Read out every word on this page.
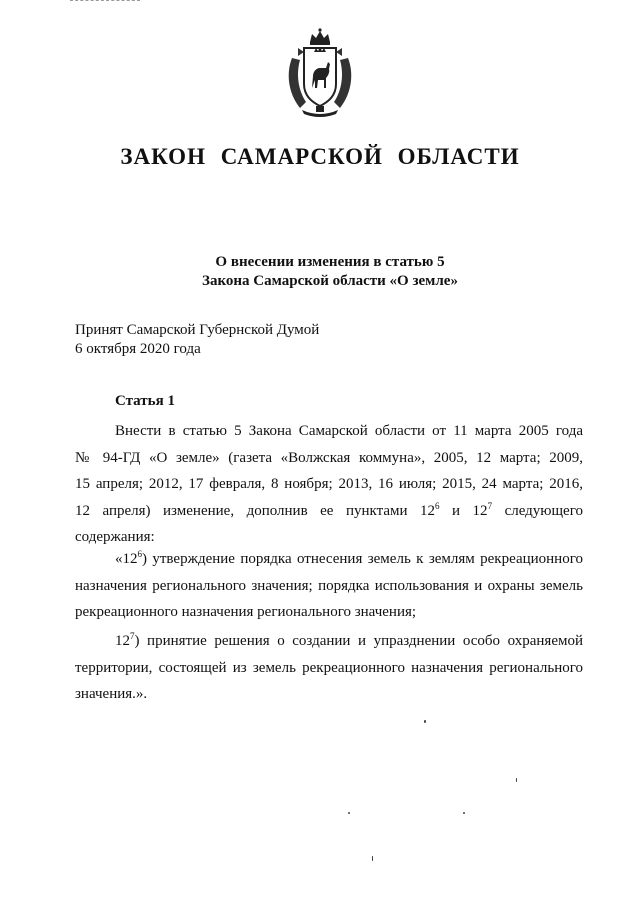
ЗАКОН САМАРСКОЙ ОБЛАСТИ
О внесении изменения в статью 5
Закона Самарской области «О земле»
Принят Самарской Губернской Думой
6 октября 2020 года
Статья 1
Внести в статью 5 Закона Самарской области от 11 марта 2005 года
№ 94-ГД «О земле» (газета «Волжская коммуна», 2005, 12 марта; 2009,
15 апреля; 2012, 17 февраля, 8 ноября; 2013, 16 июля; 2015, 24 марта; 2016,
12 апреля) изменение, дополнив ее пунктами $12^6$ и $12^7$ следующего
содержания:
«$12^6$) утверждение порядка отнесения земель к землям рекреационного
назначения регионального значения; порядка использования и охраны земель
рекреационного назначения регионального значения;
$12^7$) принятие решения о создании и упразднении особо охраняемой
территории, состоящей из земель рекреационного назначения регионального
значения.».
